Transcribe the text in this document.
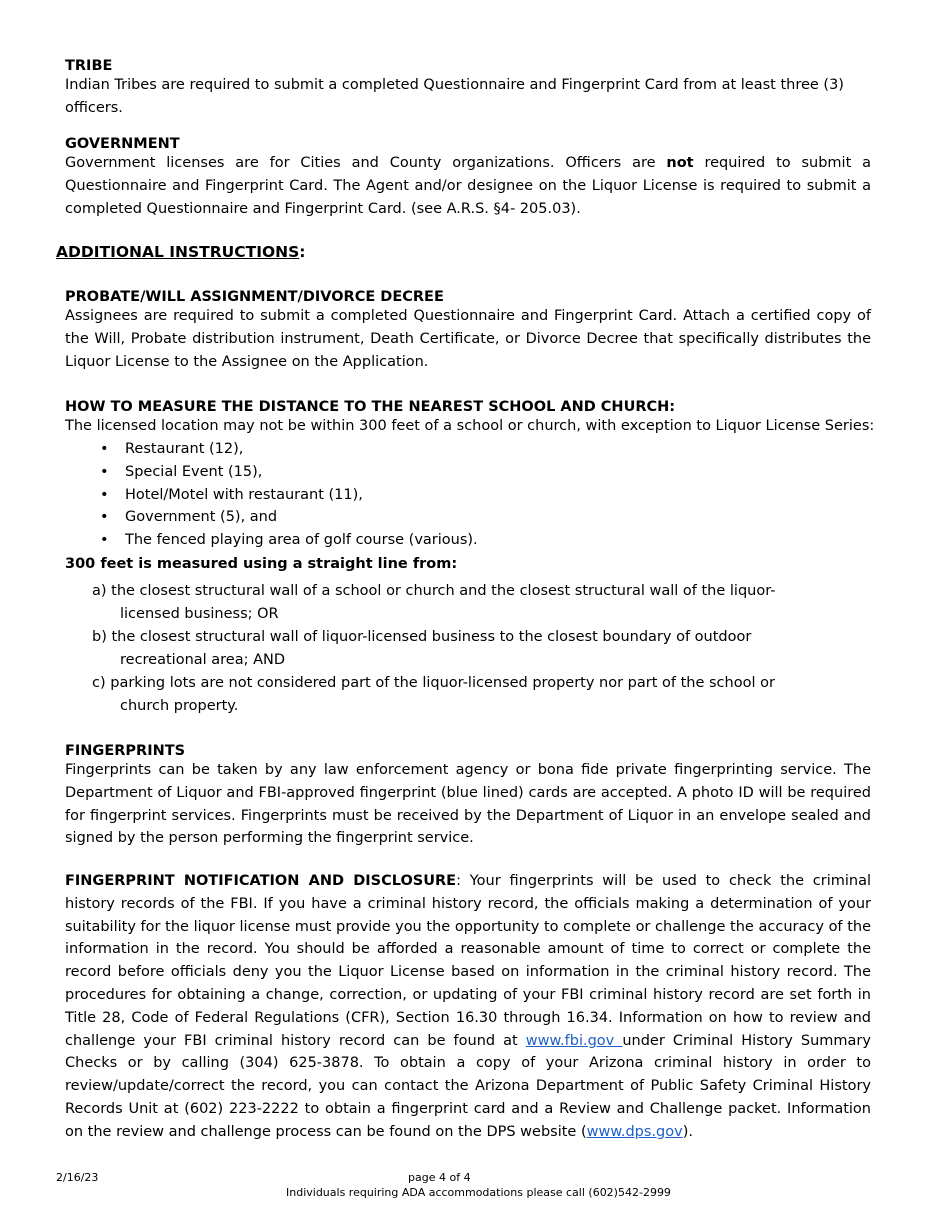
TRIBE
Indian Tribes are required to submit a completed Questionnaire and Fingerprint Card from at least three (3) officers.
GOVERNMENT
Government licenses are for Cities and County organizations. Officers are not required to submit a Questionnaire and Fingerprint Card. The Agent and/or designee on the Liquor License is required to submit a completed Questionnaire and Fingerprint Card. (see A.R.S. §4- 205.03).
ADDITIONAL INSTRUCTIONS:
PROBATE/WILL ASSIGNMENT/DIVORCE DECREE
Assignees are required to submit a completed Questionnaire and Fingerprint Card. Attach a certified copy of the Will, Probate distribution instrument, Death Certificate, or Divorce Decree that specifically distributes the Liquor License to the Assignee on the Application.
HOW TO MEASURE THE DISTANCE TO THE NEAREST SCHOOL AND CHURCH:
The licensed location may not be within 300 feet of a school or church, with exception to Liquor License Series:
• Restaurant (12),
• Special Event (15),
• Hotel/Motel with restaurant (11),
• Government (5), and
• The fenced playing area of golf course (various).
300 feet is measured using a straight line from:
a) the closest structural wall of a school or church and the closest structural wall of the liquor-
licensed business; OR
b) the closest structural wall of liquor-licensed business to the closest boundary of outdoor
recreational area; AND
c) parking lots are not considered part of the liquor-licensed property nor part of the school or
church property.
FINGERPRINTS
Fingerprints can be taken by any law enforcement agency or bona fide private fingerprinting service. The Department of Liquor and FBI-approved fingerprint (blue lined) cards are accepted. A photo ID will be required for fingerprint services. Fingerprints must be received by the Department of Liquor in an envelope sealed and signed by the person performing the fingerprint service.
FINGERPRINT NOTIFICATION AND DISCLOSURE: Your fingerprints will be used to check the criminal history records of the FBI. If you have a criminal history record, the officials making a determination of your suitability for the liquor license must provide you the opportunity to complete or challenge the accuracy of the information in the record. You should be afforded a reasonable amount of time to correct or complete the record before officials deny you the Liquor License based on information in the criminal history record. The procedures for obtaining a change, correction, or updating of your FBI criminal history record are set forth in Title 28, Code of Federal Regulations (CFR), Section 16.30 through 16.34. Information on how to review and challenge your FBI criminal history record can be found at www.fbi.gov under Criminal History Summary Checks or by calling (304) 625-3878. To obtain a copy of your Arizona criminal history in order to review/update/correct the record, you can contact the Arizona Department of Public Safety Criminal History Records Unit at (602) 223-2222 to obtain a fingerprint card and a Review and Challenge packet. Information on the review and challenge process can be found on the DPS website (www.dps.gov).
2/16/23	page 4 of 4
Individuals requiring ADA accommodations please call (602)542-2999
